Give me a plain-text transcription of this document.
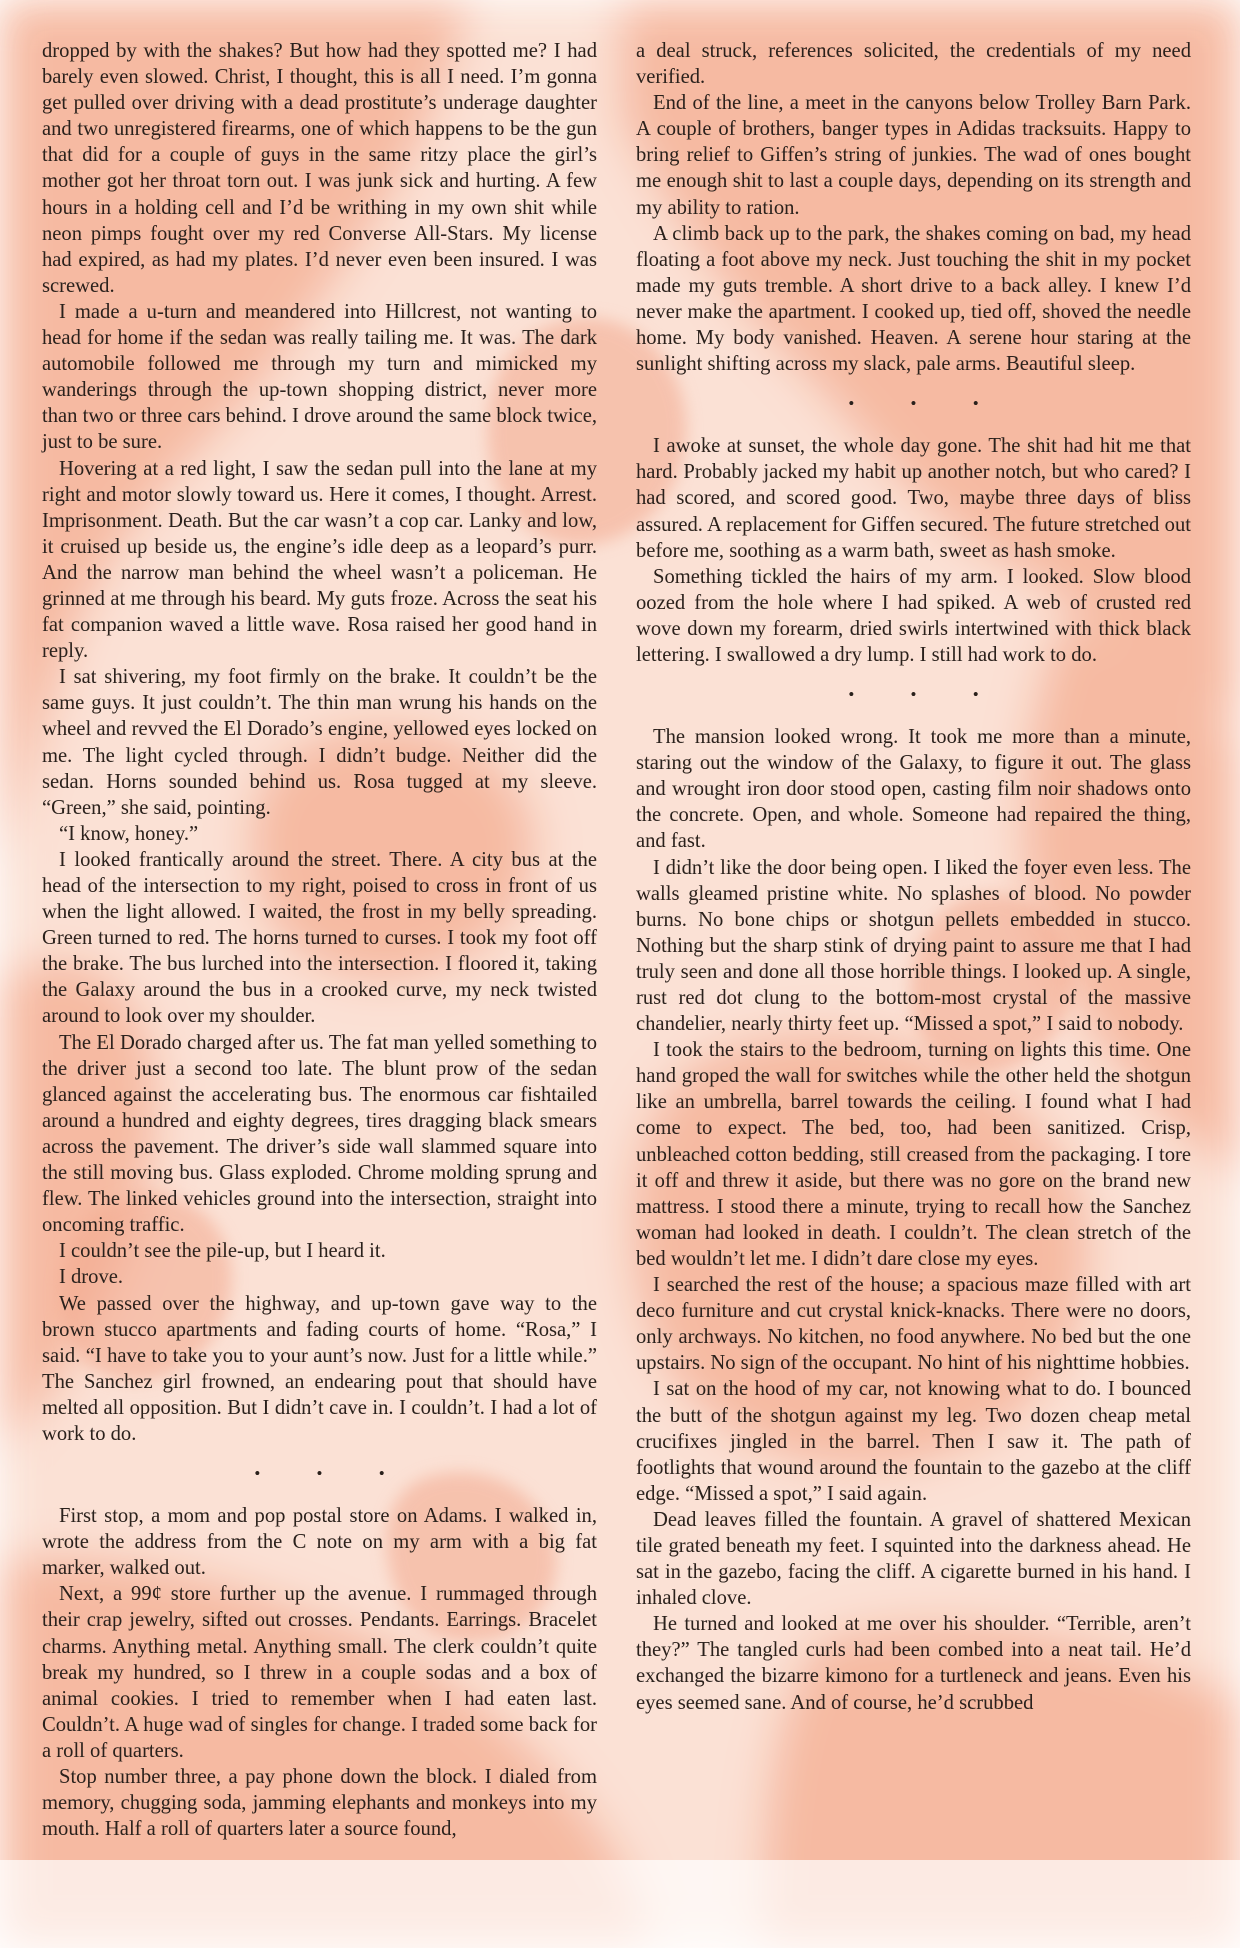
dropped by with the shakes? But how had they spotted me? I had barely even slowed. Christ, I thought, this is all I need. I’m gonna get pulled over driving with a dead prostitute’s underage daughter and two unregistered firearms, one of which happens to be the gun that did for a couple of guys in the same ritzy place the girl’s mother got her throat torn out. I was junk sick and hurting. A few hours in a holding cell and I’d be writhing in my own shit while neon pimps fought over my red Converse All-Stars. My license had expired, as had my plates. I’d never even been insured. I was screwed.

I made a u-turn and meandered into Hillcrest, not wanting to head for home if the sedan was really tailing me. It was. The dark automobile followed me through my turn and mimicked my wanderings through the up-town shopping district, never more than two or three cars behind. I drove around the same block twice, just to be sure.

Hovering at a red light, I saw the sedan pull into the lane at my right and motor slowly toward us. Here it comes, I thought. Arrest. Imprisonment. Death. But the car wasn’t a cop car. Lanky and low, it cruised up beside us, the engine’s idle deep as a leopard’s purr. And the narrow man behind the wheel wasn’t a policeman. He grinned at me through his beard. My guts froze. Across the seat his fat companion waved a little wave. Rosa raised her good hand in reply.

I sat shivering, my foot firmly on the brake. It couldn’t be the same guys. It just couldn’t. The thin man wrung his hands on the wheel and revved the El Dorado’s engine, yellowed eyes locked on me. The light cycled through. I didn’t budge. Neither did the sedan. Horns sounded behind us. Rosa tugged at my sleeve. “Green,” she said, pointing.

“I know, honey.”

I looked frantically around the street. There. A city bus at the head of the intersection to my right, poised to cross in front of us when the light allowed. I waited, the frost in my belly spreading. Green turned to red. The horns turned to curses. I took my foot off the brake. The bus lurched into the intersection. I floored it, taking the Galaxy around the bus in a crooked curve, my neck twisted around to look over my shoulder.

The El Dorado charged after us. The fat man yelled something to the driver just a second too late. The blunt prow of the sedan glanced against the accelerating bus. The enormous car fishtailed around a hundred and eighty degrees, tires dragging black smears across the pavement. The driver’s side wall slammed square into the still moving bus. Glass exploded. Chrome molding sprung and flew. The linked vehicles ground into the intersection, straight into oncoming traffic.

I couldn’t see the pile-up, but I heard it.

I drove.

We passed over the highway, and up-town gave way to the brown stucco apartments and fading courts of home. “Rosa,” I said. “I have to take you to your aunt’s now. Just for a little while.” The Sanchez girl frowned, an endearing pout that should have melted all opposition. But I didn’t cave in. I couldn’t. I had a lot of work to do.

• • •

First stop, a mom and pop postal store on Adams. I walked in, wrote the address from the C note on my arm with a big fat marker, walked out.

Next, a 99¢ store further up the avenue. I rummaged through their crap jewelry, sifted out crosses. Pendants. Earrings. Bracelet charms. Anything metal. Anything small. The clerk couldn’t quite break my hundred, so I threw in a couple sodas and a box of animal cookies. I tried to remember when I had eaten last. Couldn’t. A huge wad of singles for change. I traded some back for a roll of quarters.

Stop number three, a pay phone down the block. I dialed from memory, chugging soda, jamming elephants and monkeys into my mouth. Half a roll of quarters later a source found,

a deal struck, references solicited, the credentials of my need verified.

End of the line, a meet in the canyons below Trolley Barn Park. A couple of brothers, banger types in Adidas tracksuits. Happy to bring relief to Giffen’s string of junkies. The wad of ones bought me enough shit to last a couple days, depending on its strength and my ability to ration.

A climb back up to the park, the shakes coming on bad, my head floating a foot above my neck. Just touching the shit in my pocket made my guts tremble. A short drive to a back alley. I knew I’d never make the apartment. I cooked up, tied off, shoved the needle home. My body vanished. Heaven. A serene hour staring at the sunlight shifting across my slack, pale arms. Beautiful sleep.

• • •

I awoke at sunset, the whole day gone. The shit had hit me that hard. Probably jacked my habit up another notch, but who cared? I had scored, and scored good. Two, maybe three days of bliss assured. A replacement for Giffen secured. The future stretched out before me, soothing as a warm bath, sweet as hash smoke.

Something tickled the hairs of my arm. I looked. Slow blood oozed from the hole where I had spiked. A web of crusted red wove down my forearm, dried swirls intertwined with thick black lettering. I swallowed a dry lump. I still had work to do.

• • •

The mansion looked wrong. It took me more than a minute, staring out the window of the Galaxy, to figure it out. The glass and wrought iron door stood open, casting film noir shadows onto the concrete. Open, and whole. Someone had repaired the thing, and fast.

I didn’t like the door being open. I liked the foyer even less. The walls gleamed pristine white. No splashes of blood. No powder burns. No bone chips or shotgun pellets embedded in stucco. Nothing but the sharp stink of drying paint to assure me that I had truly seen and done all those horrible things. I looked up. A single, rust red dot clung to the bottom-most crystal of the massive chandelier, nearly thirty feet up. “Missed a spot,” I said to nobody.

I took the stairs to the bedroom, turning on lights this time. One hand groped the wall for switches while the other held the shotgun like an umbrella, barrel towards the ceiling. I found what I had come to expect. The bed, too, had been sanitized. Crisp, unbleached cotton bedding, still creased from the packaging. I tore it off and threw it aside, but there was no gore on the brand new mattress. I stood there a minute, trying to recall how the Sanchez woman had looked in death. I couldn’t. The clean stretch of the bed wouldn’t let me. I didn’t dare close my eyes.

I searched the rest of the house; a spacious maze filled with art deco furniture and cut crystal knick-knacks. There were no doors, only archways. No kitchen, no food anywhere. No bed but the one upstairs. No sign of the occupant. No hint of his nighttime hobbies.

I sat on the hood of my car, not knowing what to do. I bounced the butt of the shotgun against my leg. Two dozen cheap metal crucifixes jingled in the barrel. Then I saw it. The path of footlights that wound around the fountain to the gazebo at the cliff edge. “Missed a spot,” I said again.

Dead leaves filled the fountain. A gravel of shattered Mexican tile grated beneath my feet. I squinted into the darkness ahead. He sat in the gazebo, facing the cliff. A cigarette burned in his hand. I inhaled clove.

He turned and looked at me over his shoulder. “Terrible, aren’t they?” The tangled curls had been combed into a neat tail. He’d exchanged the bizarre kimono for a turtleneck and jeans. Even his eyes seemed sane. And of course, he’d scrubbed
